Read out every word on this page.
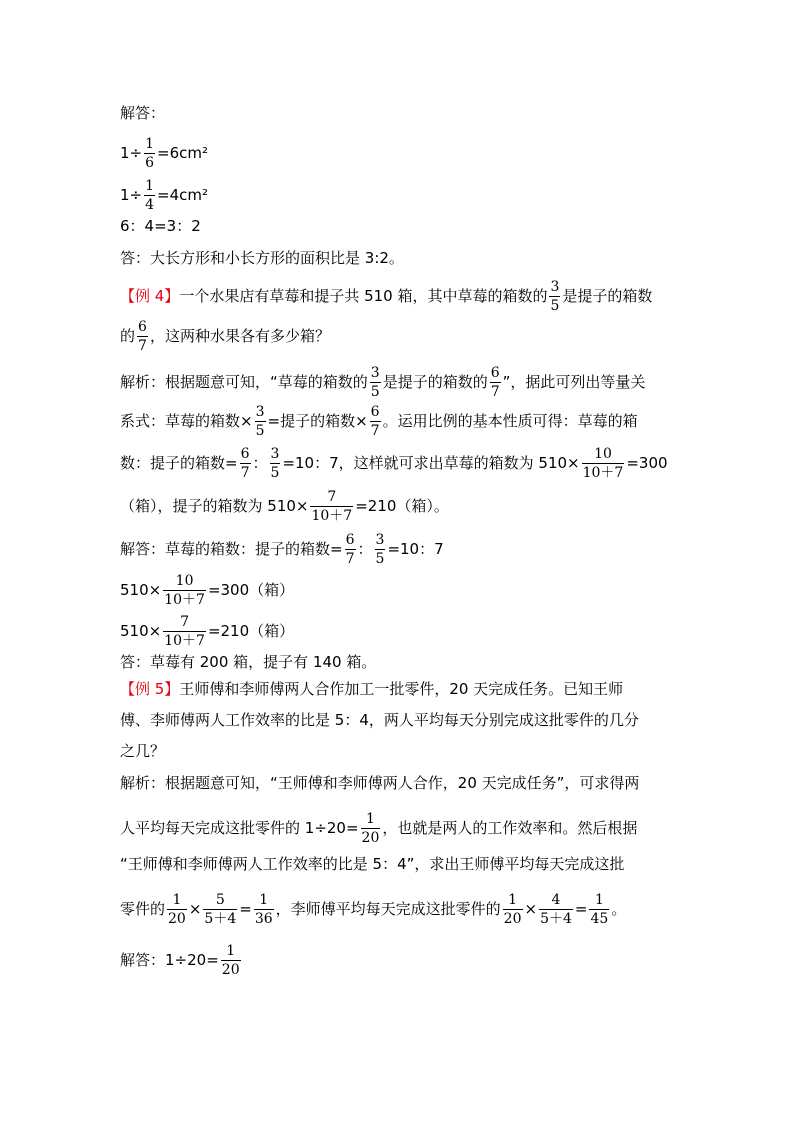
解答：
$1\div \frac{1}{6} =6cm^2$
$1\div \frac{1}{4} =4cm^2$
6：4=3：2
答：大长方形和小长方形的面积比是 3:2。
【例 4】一个水果店有草莓和提子共 510 箱，其中草莓的箱数的 $\frac{3}{5}$ 是提子的箱数
的 $\frac{6}{7}$ ，这两种水果各有多少箱？
解析：根据题意可知，“草莓的箱数的 $\frac{3}{5}$ 是提子的箱数的 $\frac{6}{7}$ ”，据此可列出等量关
系式：草莓的箱数× $\frac{3}{5}$ =提子的箱数× $\frac{6}{7}$ 。运用比例的基本性质可得：草莓的箱
数：提子的箱数= $\frac{6}{7}$ ： $\frac{3}{5} =10$：7，这样就可求出草莓的箱数为 $510\times \frac{10}{10+7} =300$
（箱），提子的箱数为 $510\times \frac{7}{10+7} =210$（箱）。
解答：草莓的箱数：提子的箱数= $\frac{6}{7}$ ： $\frac{3}{5} =10$：7
$510\times \frac{10}{10+7} =300$（箱）
$510\times \frac{7}{10+7} =210$（箱）
答：草莓有 200 箱，提子有 140 箱。
【例 5】王师傅和李师傅两人合作加工一批零件，20 天完成任务。已知王师
傅、李师傅两人工作效率的比是 5：4，两人平均每天分别完成这批零件的几分
之几？
解析：根据题意可知，“王师傅和李师傅两人合作，20 天完成任务”，可求得两
人平均每天完成这批零件的 $1\div 20= \frac{1}{20}$ ，也就是两人的工作效率和。然后根据
“王师傅和李师傅两人工作效率的比是 5：4”，求出王师傅平均每天完成这批
零件的 $\frac{1}{20} \times \frac{5}{5+4} = \frac{1}{36}$ ，李师傅平均每天完成这批零件的 $\frac{1}{20} \times \frac{4}{5+4} = \frac{1}{45}$ 。
解答：$1\div 20= \frac{1}{20}$
